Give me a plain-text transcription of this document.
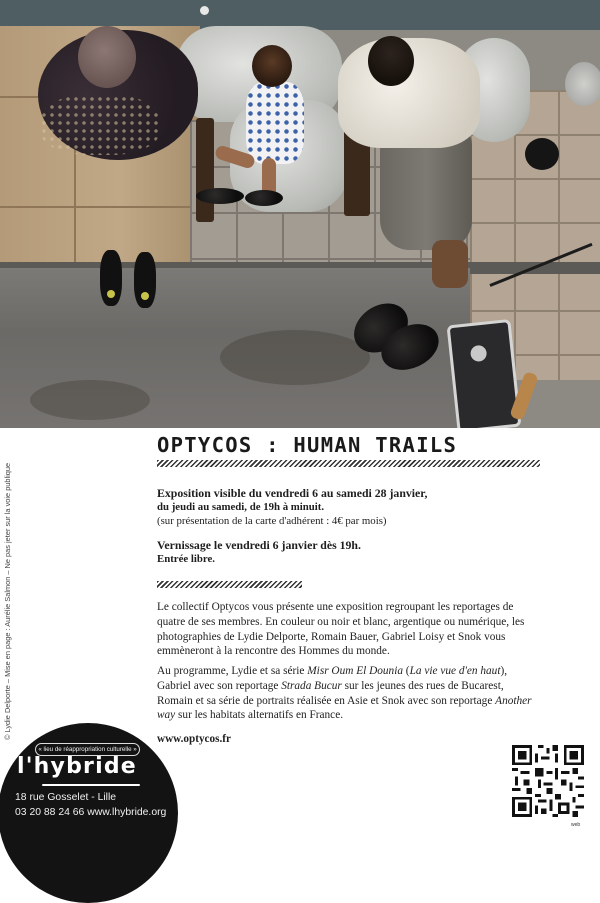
© Lydie Delporte – Mise en page : Aurélie Salmon – Ne pas jeter sur la voie publique
OPTYCOS : HUMAN TRAILS
Exposition visible du vendredi 6 au samedi 28 janvier,
du jeudi au samedi, de 19h à minuit.
(sur présentation de la carte d'adhérent : 4€ par mois)
Vernissage le vendredi 6 janvier dès 19h.
Entrée libre.

Le collectif Optycos vous présente une exposition regroupant les reportages de quatre de ses membres. En couleur ou noir et blanc, argentique ou numérique, les photographies de Lydie Delporte, Romain Bauer, Gabriel Loisy et Snok vous emmèneront à la rencontre des Hommes du monde.

Au programme, Lydie et sa série Misr Oum El Dounia (La vie vue d'en haut), Gabriel avec son reportage Strada Bucur sur les jeunes des rues de Bucarest, Romain et sa série de portraits réalisée en Asie et Snok avec son reportage Another way sur les habitats alternatifs en France.

www.optycos.fr
« lieu de réappropriation culturelle »
l'hybride
18 rue Gosselet - Lille
03 20 88 24 66 www.lhybride.org
web
